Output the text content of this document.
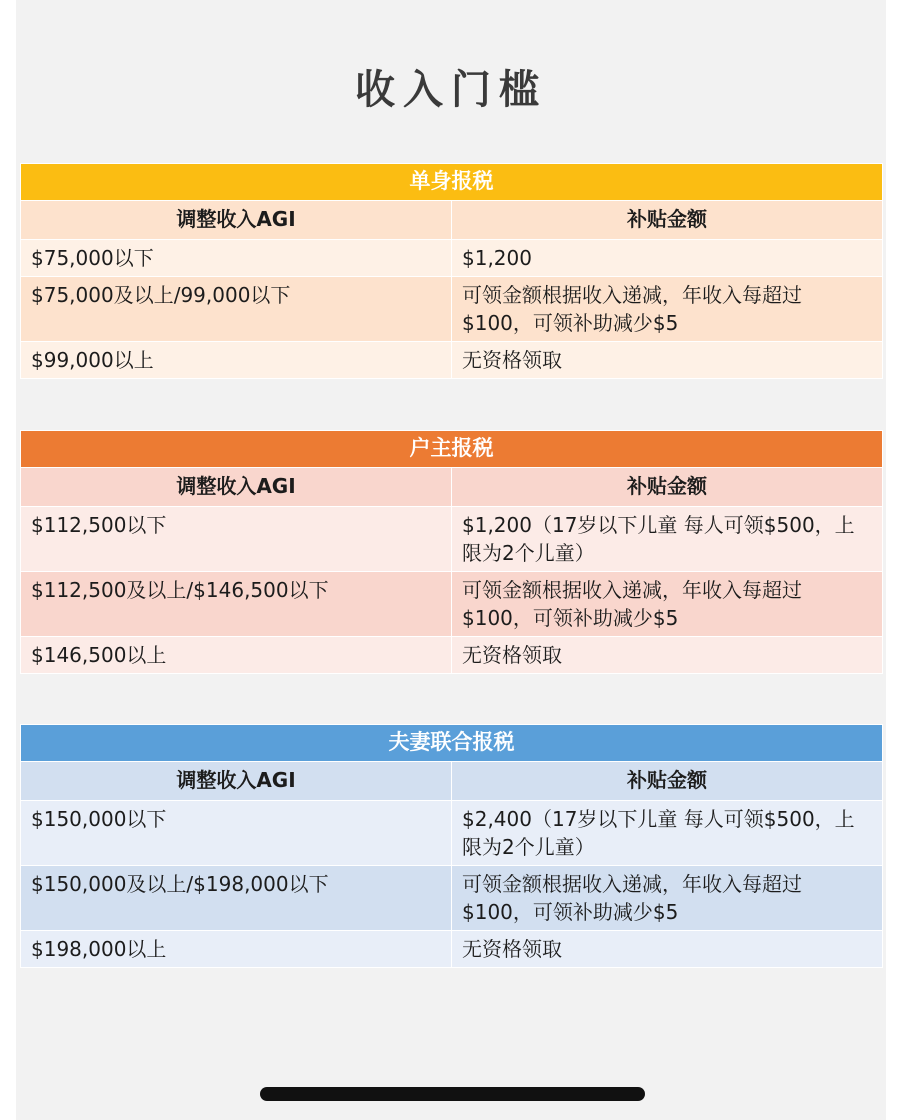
收入门槛
单身报税	
调整收入AGI	补贴金额
$75,000以下	$1,200
$75,000及以上/99,000以下	可领金额根据收入递减，年收入每超过$100，可领补助减少$5
$99,000以上	无资格领取
户主报税	
调整收入AGI	补贴金额
$112,500以下	$1,200（17岁以下儿童 每人可领$500，上限为2个儿童）
$112,500及以上/$146,500以下	可领金额根据收入递减，年收入每超过$100，可领补助减少$5
$146,500以上	无资格领取
夫妻联合报税	
调整收入AGI	补贴金额
$150,000以下	$2,400（17岁以下儿童 每人可领$500，上限为2个儿童）
$150,000及以上/$198,000以下	可领金额根据收入递减，年收入每超过$100，可领补助减少$5
$198,000以上	无资格领取
